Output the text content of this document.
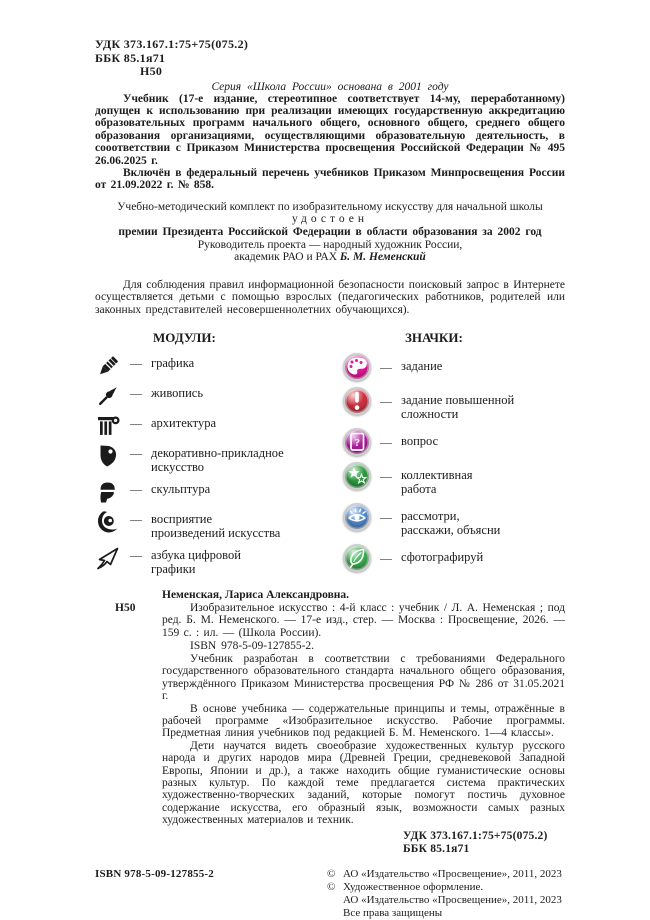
УДК 373.167.1:75+75(075.2)
ББК 85.1я71
Н50
Серия «Школа России» основана в 2001 году

Учебник (17-е издание, стереотипное соответствует 14-му, переработанному) допущен к использованию при реализации имеющих государственную аккредитацию образовательных программ начального общего, основного общего, среднего общего образования организациями, осуществляющими образовательную деятельность, в сооответствии с Приказом Министерства просвещения Российской Федерации № 495 26.06.2025 г.

Включён в федеральный перечень учебников Приказом Минпросвещения России от 21.09.2022 г. № 858.

Учебно-методический комплект по изобразительному искусству для начальной школы
удостоен
премии Президента Российской Федерации в области образования за 2002 год
Руководитель проекта — народный художник России,
академик РАО и РАХ Б. М. Неменский

Для соблюдения правил информационной безопасности поисковый запрос в Интернете осуществляется детьми с помощью взрослых (педагогических работников, родителей или законных представителей несовершеннолетних обучающихся).

МОДУЛИ:
— графика
— живопись
— архитектура
— декоративно-прикладное
искусство
— скульптура
— восприятие
произведений искусства
— азбука цифровой
графики
ЗНАЧКИ:
— задание
— задание повышенной
сложности
?	— вопрос
— коллективная
работа
— рассмотри,
расскажи, объясни
— сфотографируй
Неменская, Лариса Александровна.
Н50	Изобразительное искусство : 4-й класс : учебник / Л. А. Неменская ; под ред. Б. М. Неменского. — 17-е изд., стер. — Москва : Просвещение, 2026. — 159 с. : ил. — (Школа России).

ISBN 978-5-09-127855-2.

Учебник разработан в соответствии с требованиями Федерального государственного образовательного стандарта начального общего образования, утверждённого Приказом Министерства просвещения РФ № 286 от 31.05.2021 г.

В основе учебника — содержательные принципы и темы, отражённые в рабочей программе «Изобразительное искусство. Рабочие программы. Предметная линия учебников под редакцией Б. М. Неменского. 1—4 классы».

Дети научатся видеть своеобразие художественных культур русского народа и других народов мира (Древней Греции, средневековой Западной Европы, Японии и др.), а также находить общие гуманистические основы разных культур. По каждой теме предлагается система практических художественно-творческих заданий, которые помогут постичь духовное содержание искусства, его образный язык, возможности самых разных художественных материалов и техник.

УДК 373.167.1:75+75(075.2)
ББК 85.1я71
ISBN 978-5-09-127855-2	© АО «Издательство «Просвещение», 2011, 2023
© Художественное оформление.
АО «Издательство «Просвещение», 2011, 2023
Все права защищены
